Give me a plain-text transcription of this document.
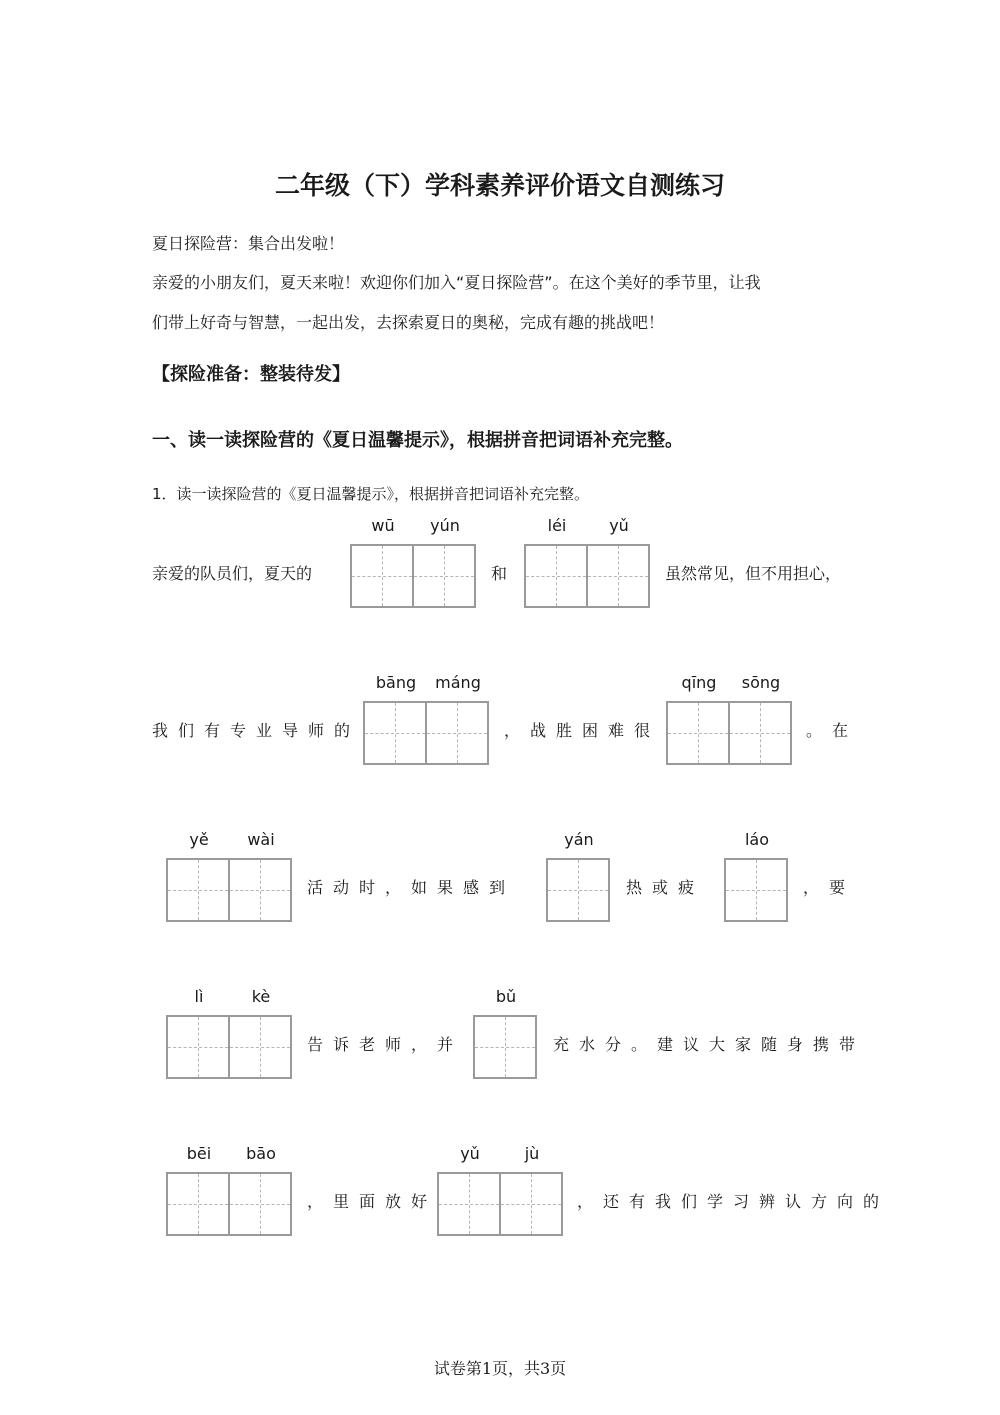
二年级（下）学科素养评价语文自测练习
夏日探险营：集合出发啦！
亲爱的小朋友们，夏天来啦！欢迎你们加入“夏日探险营”。在这个美好的季节里，让我
们带上好奇与智慧，一起出发，去探索夏日的奥秘，完成有趣的挑战吧！
【探险准备：整装待发】
一、读一读探险营的《夏日温馨提示》，根据拼音把词语补充完整。
1．读一读探险营的《夏日温馨提示》，根据拼音把词语补充完整。
亲爱的队员们，夏天的
wū	yún
和
léi	yǔ
虽然常见，但不用担心，
我们有专业导师的
bāng	máng
，战胜困难很
qīng	sōng
。在
yě	wài
活动时，如果感到
yán
热或疲
láo
，要
lì	kè
告诉老师，并
bǔ
充水分。建议大家随身携带
bēi	bāo
，里面放好
yǔ	jù
，还有我们学习辨认方向的
试卷第1页，共3页
